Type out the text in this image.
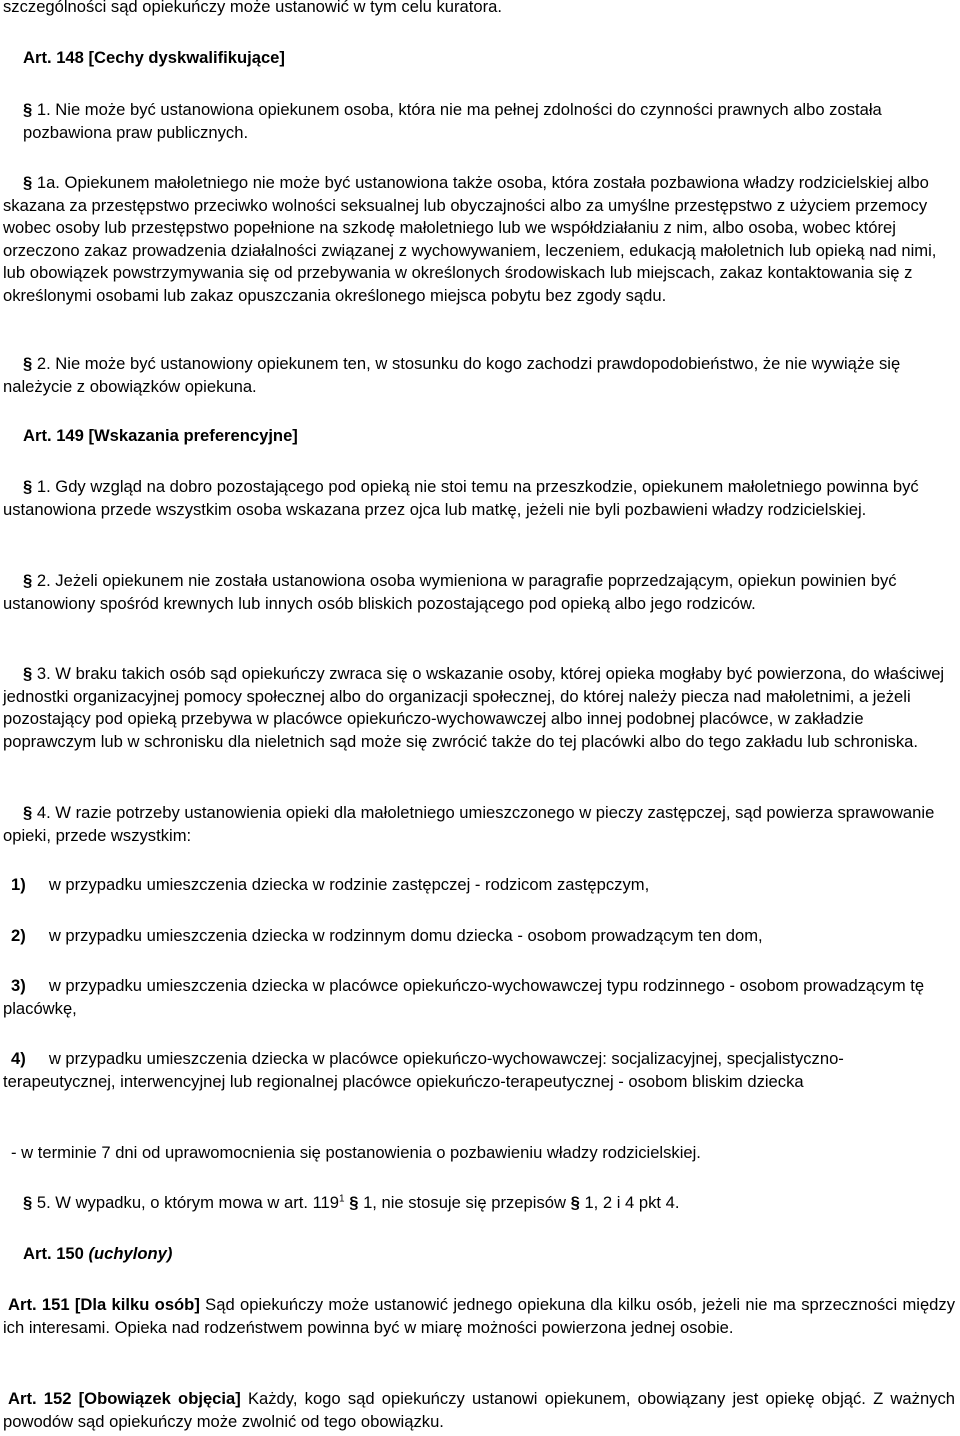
szczególności sąd opiekuńczy może ustanowić w tym celu kuratora.

Art. 148 [Cechy dyskwalifikujące]

§ 1. Nie może być ustanowiona opiekunem osoba, która nie ma pełnej zdolności do czynności prawnych albo została pozbawiona praw publicznych.

§ 1a. Opiekunem małoletniego nie może być ustanowiona także osoba, która została pozbawiona władzy rodzicielskiej albo skazana za przestępstwo przeciwko wolności seksualnej lub obyczajności albo za umyślne przestępstwo z użyciem przemocy wobec osoby lub przestępstwo popełnione na szkodę małoletniego lub we współdziałaniu z nim, albo osoba, wobec której orzeczono zakaz prowadzenia działalności związanej z wychowywaniem, leczeniem, edukacją małoletnich lub opieką nad nimi, lub obowiązek powstrzymywania się od przebywania w określonych środowiskach lub miejscach, zakaz kontaktowania się z określonymi osobami lub zakaz opuszczania określonego miejsca pobytu bez zgody sądu.

§ 2. Nie może być ustanowiony opiekunem ten, w stosunku do kogo zachodzi prawdopodobieństwo, że nie wywiąże się należycie z obowiązków opiekuna.

Art. 149 [Wskazania preferencyjne]

§ 1. Gdy wzgląd na dobro pozostającego pod opieką nie stoi temu na przeszkodzie, opiekunem małoletniego powinna być ustanowiona przede wszystkim osoba wskazana przez ojca lub matkę, jeżeli nie byli pozbawieni władzy rodzicielskiej.

§ 2. Jeżeli opiekunem nie została ustanowiona osoba wymieniona w paragrafie poprzedzającym, opiekun powinien być ustanowiony spośród krewnych lub innych osób bliskich pozostającego pod opieką albo jego rodziców.

§ 3. W braku takich osób sąd opiekuńczy zwraca się o wskazanie osoby, której opieka mogłaby być powierzona, do właściwej jednostki organizacyjnej pomocy społecznej albo do organizacji społecznej, do której należy piecza nad małoletnimi, a jeżeli pozostający pod opieką przebywa w placówce opiekuńczo-wychowawczej albo innej podobnej placówce, w zakładzie poprawczym lub w schronisku dla nieletnich sąd może się zwrócić także do tej placówki albo do tego zakładu lub schroniska.

§ 4. W razie potrzeby ustanowienia opieki dla małoletniego umieszczonego w pieczy zastępczej, sąd powierza sprawowanie opieki, przede wszystkim:

1) w przypadku umieszczenia dziecka w rodzinie zastępczej - rodzicom zastępczym,

2) w przypadku umieszczenia dziecka w rodzinnym domu dziecka - osobom prowadzącym ten dom,

3) w przypadku umieszczenia dziecka w placówce opiekuńczo-wychowawczej typu rodzinnego - osobom prowadzącym tę placówkę,

4) w przypadku umieszczenia dziecka w placówce opiekuńczo-wychowawczej: socjalizacyjnej, specjalistyczno-terapeutycznej, interwencyjnej lub regionalnej placówce opiekuńczo-terapeutycznej - osobom bliskim dziecka

- w terminie 7 dni od uprawomocnienia się postanowienia o pozbawieniu władzy rodzicielskiej.

§ 5. W wypadku, o którym mowa w art. $119^1$ § 1, nie stosuje się przepisów § 1, 2 i 4 pkt 4.

Art. 150 (uchylony)

Art. 151 [Dla kilku osób] Sąd opiekuńczy może ustanowić jednego opiekuna dla kilku osób, jeżeli nie ma sprzeczności między ich interesami. Opieka nad rodzeństwem powinna być w miarę możności powierzona jednej osobie.

Art. 152 [Obowiązek objęcia] Każdy, kogo sąd opiekuńczy ustanowi opiekunem, obowiązany jest opiekę objąć. Z ważnych powodów sąd opiekuńczy może zwolnić od tego obowiązku.
